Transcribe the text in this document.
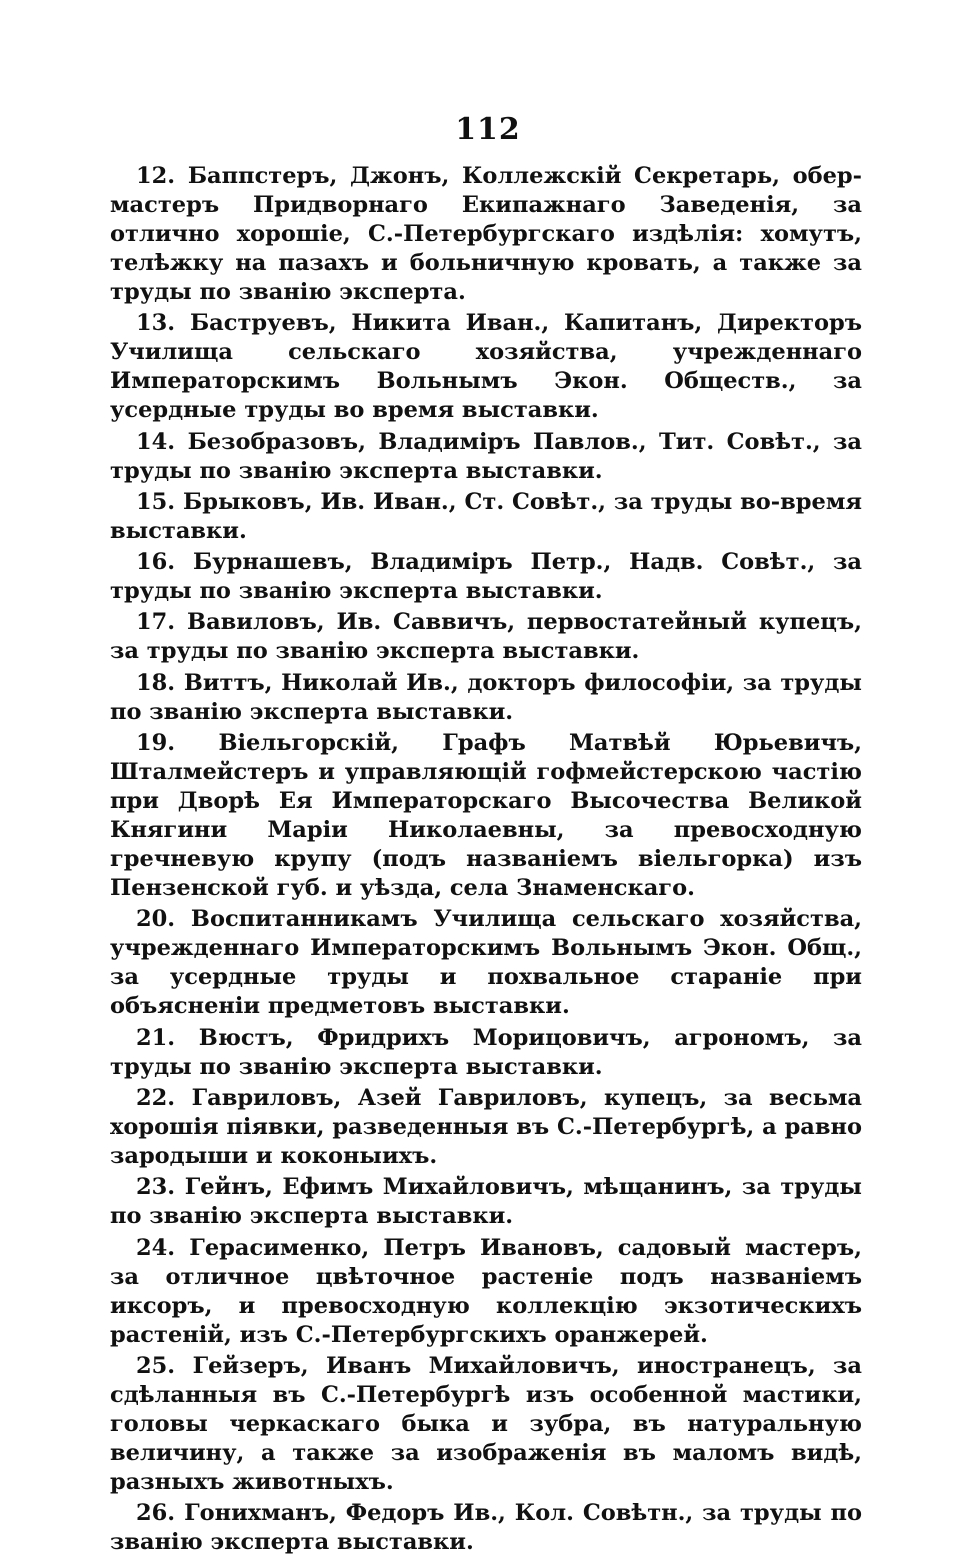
112

12. Баппстеръ, Джонъ, Коллежскій Секретарь, обер-мастеръ Придворнаго Екипажнаго Заведенія, за отлично хорошіе, С.-Петербургскаго издѣлія: хомутъ, телѣжку на пазахъ и больничную кровать, а также за труды по званію эксперта.

13. Баструевъ, Никита Иван., Капитанъ, Директоръ Училища сельскаго хозяйства, учрежденнаго Императорскимъ Вольнымъ Экон. Обществ., за усердные труды во время выставки.

14. Безобразовъ, Владиміръ Павлов., Тит. Совѣт., за труды по званію эксперта выставки.

15. Брыковъ, Ив. Иван., Ст. Совѣт., за труды во-время выставки.

16. Бурнашевъ, Владиміръ Петр., Надв. Совѣт., за труды по званію эксперта выставки.

17. Вавиловъ, Ив. Саввичъ, первостатейный купецъ, за труды по званію эксперта выставки.

18. Виттъ, Николай Ив., докторъ философіи, за труды по званію эксперта выставки.

19. Віельгорскій, Графъ Матвѣй Юрьевичъ, Шталмейстеръ и управляющій гофмейстерскою частію при Дворѣ Ея Императорскаго Высочества Великой Княгини Маріи Николаевны, за превосходную гречневую крупу (подъ названіемъ віельгорка) изъ Пензенской губ. и уѣзда, села Знаменскаго.

20. Воспитанникамъ Училища сельскаго хозяйства, учрежденнаго Императорскимъ Вольнымъ Экон. Общ., за усердные труды и похвальное стараніе при объясненіи предметовъ выставки.

21. Вюстъ, Фридрихъ Морицовичъ, агрономъ, за труды по званію эксперта выставки.

22. Гавриловъ, Азей Гавриловъ, купецъ, за весьма хорошія піявки, разведенныя въ С.-Петербургѣ, а равно зародыши и коконыихъ.

23. Гейнъ, Ефимъ Михайловичъ, мѣщанинъ, за труды по званію эксперта выставки.

24. Герасименко, Петръ Ивановъ, садовый мастеръ, за отличное цвѣточное растеніе подъ названіемъ иксоръ, и превосходную коллекцію экзотическихъ растеній, изъ С.-Петербургскихъ оранжерей.

25. Гейзеръ, Иванъ Михайловичъ, иностранецъ, за сдѣланныя въ С.-Петербургѣ изъ особенной мастики, головы черкаскаго быка и зубра, въ натуральную величину, а также за изображенія въ маломъ видѣ, разныхъ животныхъ.

26. Гонихманъ, Федоръ Ив., Кол. Совѣтн., за труды по званію эксперта выставки.
